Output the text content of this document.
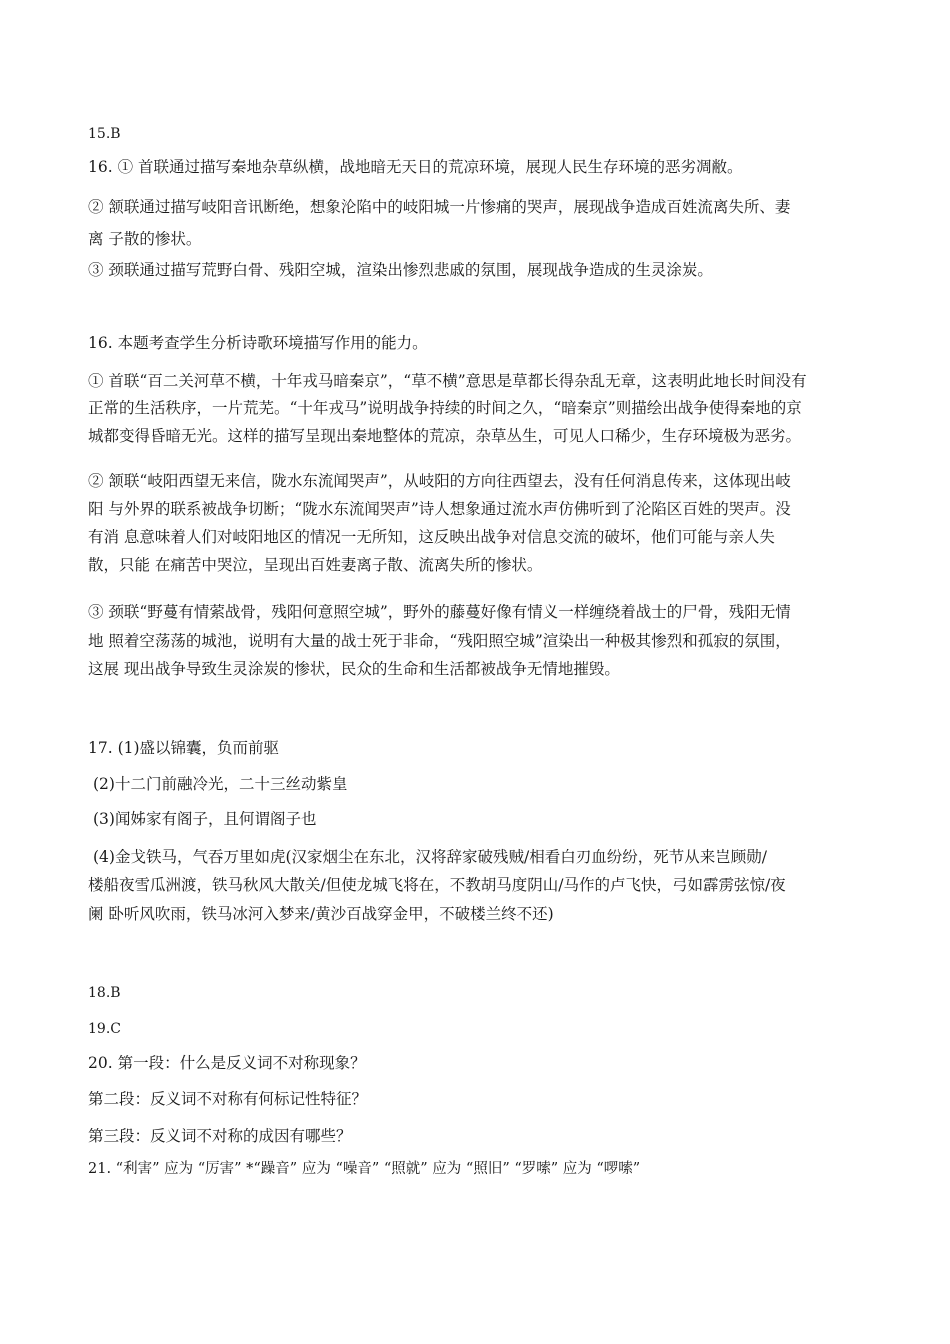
15.B
16. ① 首联通过描写秦地杂草纵横，战地暗无天日的荒凉环境，展现人民生存环境的恶劣凋敝。
② 颔联通过描写岐阳音讯断绝，想象沦陷中的岐阳城一片惨痛的哭声，展现战争造成百姓流离失所、妻
离 子散的惨状。
③ 颈联通过描写荒野白骨、残阳空城，渲染出惨烈悲戚的氛围，展现战争造成的生灵涂炭。
16. 本题考查学生分析诗歌环境描写作用的能力。
① 首联“百二关河草不横，十年戎马暗秦京”，“草不横”意思是草都长得杂乱无章，这表明此地长时间没有
正常的生活秩序，一片荒芜。“十年戎马”说明战争持续的时间之久，“暗秦京”则描绘出战争使得秦地的京
城都变得昏暗无光。这样的描写呈现出秦地整体的荒凉，杂草丛生，可见人口稀少，生存环境极为恶劣。
② 颔联“岐阳西望无来信，陇水东流闻哭声”，从岐阳的方向往西望去，没有任何消息传来，这体现出岐
阳 与外界的联系被战争切断；“陇水东流闻哭声”诗人想象通过流水声仿佛听到了沦陷区百姓的哭声。没
有消 息意味着人们对岐阳地区的情况一无所知，这反映出战争对信息交流的破坏，他们可能与亲人失
散，只能 在痛苦中哭泣，呈现出百姓妻离子散、流离失所的惨状。
③ 颈联“野蔓有情萦战骨，残阳何意照空城”，野外的藤蔓好像有情义一样缠绕着战士的尸骨，残阳无情
地 照着空荡荡的城池，说明有大量的战士死于非命，“残阳照空城”渲染出一种极其惨烈和孤寂的氛围，
这展 现出战争导致生灵涂炭的惨状，民众的生命和生活都被战争无情地摧毁。
17. (1)盛以锦囊，负而前驱
(2)十二门前融冷光，二十三丝动紫皇
(3)闻姊家有阁子，且何谓阁子也
(4)金戈铁马，气吞万里如虎(汉家烟尘在东北，汉将辞家破残贼/相看白刃血纷纷，死节从来岂顾勋/
楼船夜雪瓜洲渡，铁马秋风大散关/但使龙城飞将在，不教胡马度阴山/马作的卢飞快，弓如霹雳弦惊/夜
阑 卧听风吹雨，铁马冰河入梦来/黄沙百战穿金甲，不破楼兰终不还)
18.B
19.C
20. 第一段：什么是反义词不对称现象？
第二段：反义词不对称有何标记性特征？
第三段：反义词不对称的成因有哪些？
21. “利害” 应为 “厉害” *“躁音” 应为 “噪音” “照就” 应为 “照旧” “罗嗦” 应为 “啰嗦”
